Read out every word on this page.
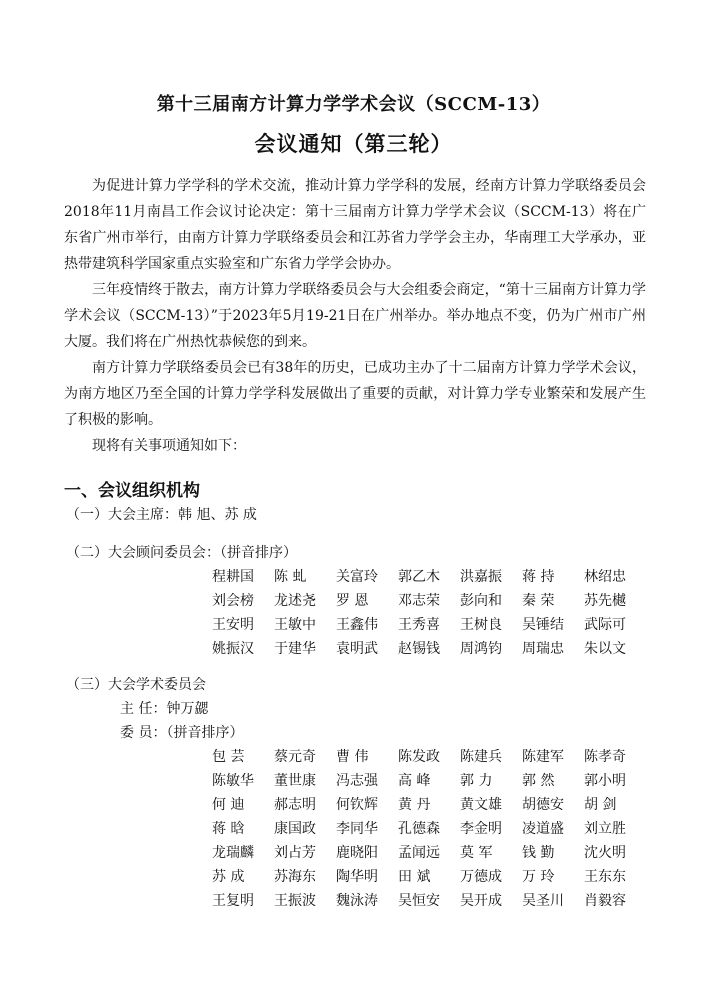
第十三届南方计算力学学术会议（SCCM-13）
会议通知（第三轮）
为促进计算力学学科的学术交流，推动计算力学学科的发展，经南方计算力学联络委员会2018年11月南昌工作会议讨论决定：第十三届南方计算力学学术会议（SCCM-13）将在广东省广州市举行，由南方计算力学联络委员会和江苏省力学学会主办，华南理工大学承办，亚热带建筑科学国家重点实验室和广东省力学学会协办。
三年疫情终于散去，南方计算力学联络委员会与大会组委会商定，“第十三届南方计算力学学术会议（SCCM-13）”于2023年5月19-21日在广州举办。举办地点不变，仍为广州市广州大厦。我们将在广州热忱恭候您的到来。
南方计算力学联络委员会已有38年的历史，已成功主办了十二届南方计算力学学术会议，为南方地区乃至全国的计算力学学科发展做出了重要的贡献，对计算力学专业繁荣和发展产生了积极的影响。
现将有关事项通知如下：
一、会议组织机构
（一）大会主席：韩 旭、苏 成
（二）大会顾问委员会：（拼音排序）
程耕国	陈 虬	关富玲	郭乙木	洪嘉振	蒋 持	林绍忠
刘会榜	龙述尧	罗 恩	邓志荣	彭向和	秦 荣	苏先樾
王安明	王敏中	王鑫伟	王秀喜	王树良	吴锤结	武际可
姚振汉	于建华	袁明武	赵锡钱	周鸿钧	周瑞忠	朱以文
（三）大会学术委员会
主 任：钟万勰
委 员：（拼音排序）
包 芸	蔡元奇	曹 伟	陈发政	陈建兵	陈建军	陈孝奇
陈敏华	董世康	冯志强	高 峰	郭 力	郭 然	郭小明
何 迪	郝志明	何钦辉	黄 丹	黄文雄	胡德安	胡 剑
蒋 晗	康国政	李同华	孔德森	李金明	凌道盛	刘立胜
龙瑞麟	刘占芳	鹿晓阳	孟闻远	莫 军	钱 勤	沈火明
苏 成	苏海东	陶华明	田 斌	万德成	万 玲	王东东
王复明	王振波	魏泳涛	吴恒安	吴开成	吴圣川	肖毅容
